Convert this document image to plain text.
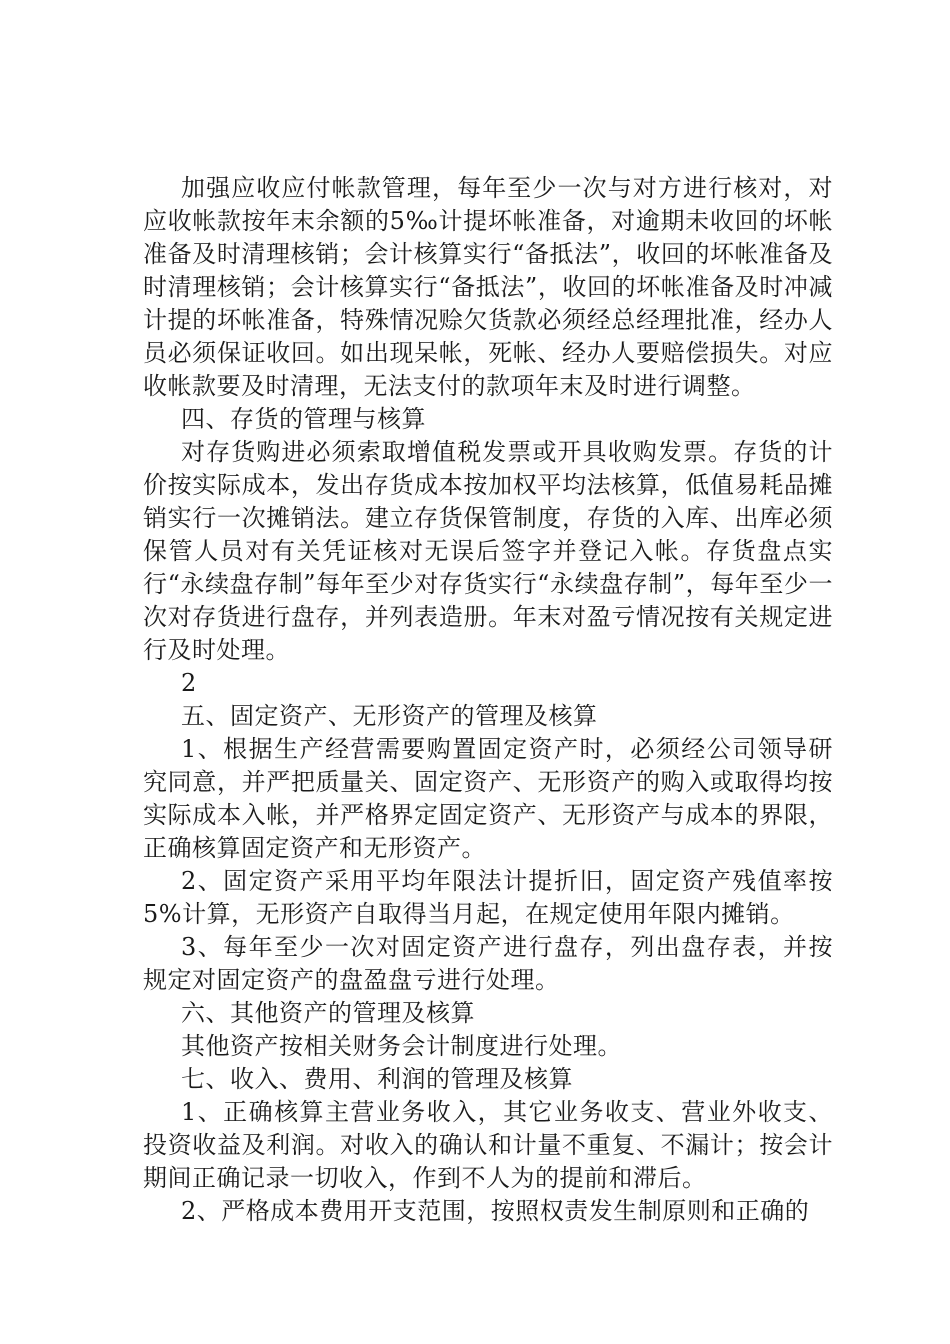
加强应收应付帐款管理，每年至少一次与对方进行核对，对应收帐款按年末余额的5‰计提坏帐准备，对逾期未收回的坏帐准备及时清理核销；会计核算实行“备抵法”，收回的坏帐准备及时清理核销；会计核算实行“备抵法”，收回的坏帐准备及时冲减计提的坏帐准备，特殊情况赊欠货款必须经总经理批准，经办人员必须保证收回。如出现呆帐，死帐、经办人要赔偿损失。对应收帐款要及时清理，无法支付的款项年末及时进行调整。

四、存货的管理与核算

对存货购进必须索取增值税发票或开具收购发票。存货的计价按实际成本，发出存货成本按加权平均法核算，低值易耗品摊销实行一次摊销法。建立存货保管制度，存货的入库、出库必须保管人员对有关凭证核对无误后签字并登记入帐。存货盘点实行“永续盘存制”每年至少对存货实行“永续盘存制”，每年至少一次对存货进行盘存，并列表造册。年末对盈亏情况按有关规定进行及时处理。

2

五、固定资产、无形资产的管理及核算

1、根据生产经营需要购置固定资产时，必须经公司领导研究同意，并严把质量关、固定资产、无形资产的购入或取得均按实际成本入帐，并严格界定固定资产、无形资产与成本的界限，正确核算固定资产和无形资产。

2、固定资产采用平均年限法计提折旧，固定资产残值率按5%计算，无形资产自取得当月起，在规定使用年限内摊销。

3、每年至少一次对固定资产进行盘存，列出盘存表，并按规定对固定资产的盘盈盘亏进行处理。

六、其他资产的管理及核算

其他资产按相关财务会计制度进行处理。

七、收入、费用、利润的管理及核算

1、正确核算主营业务收入，其它业务收支、营业外收支、投资收益及利润。对收入的确认和计量不重复、不漏计；按会计期间正确记录一切收入，作到不人为的提前和滞后。

2、严格成本费用开支范围，按照权责发生制原则和正确的
